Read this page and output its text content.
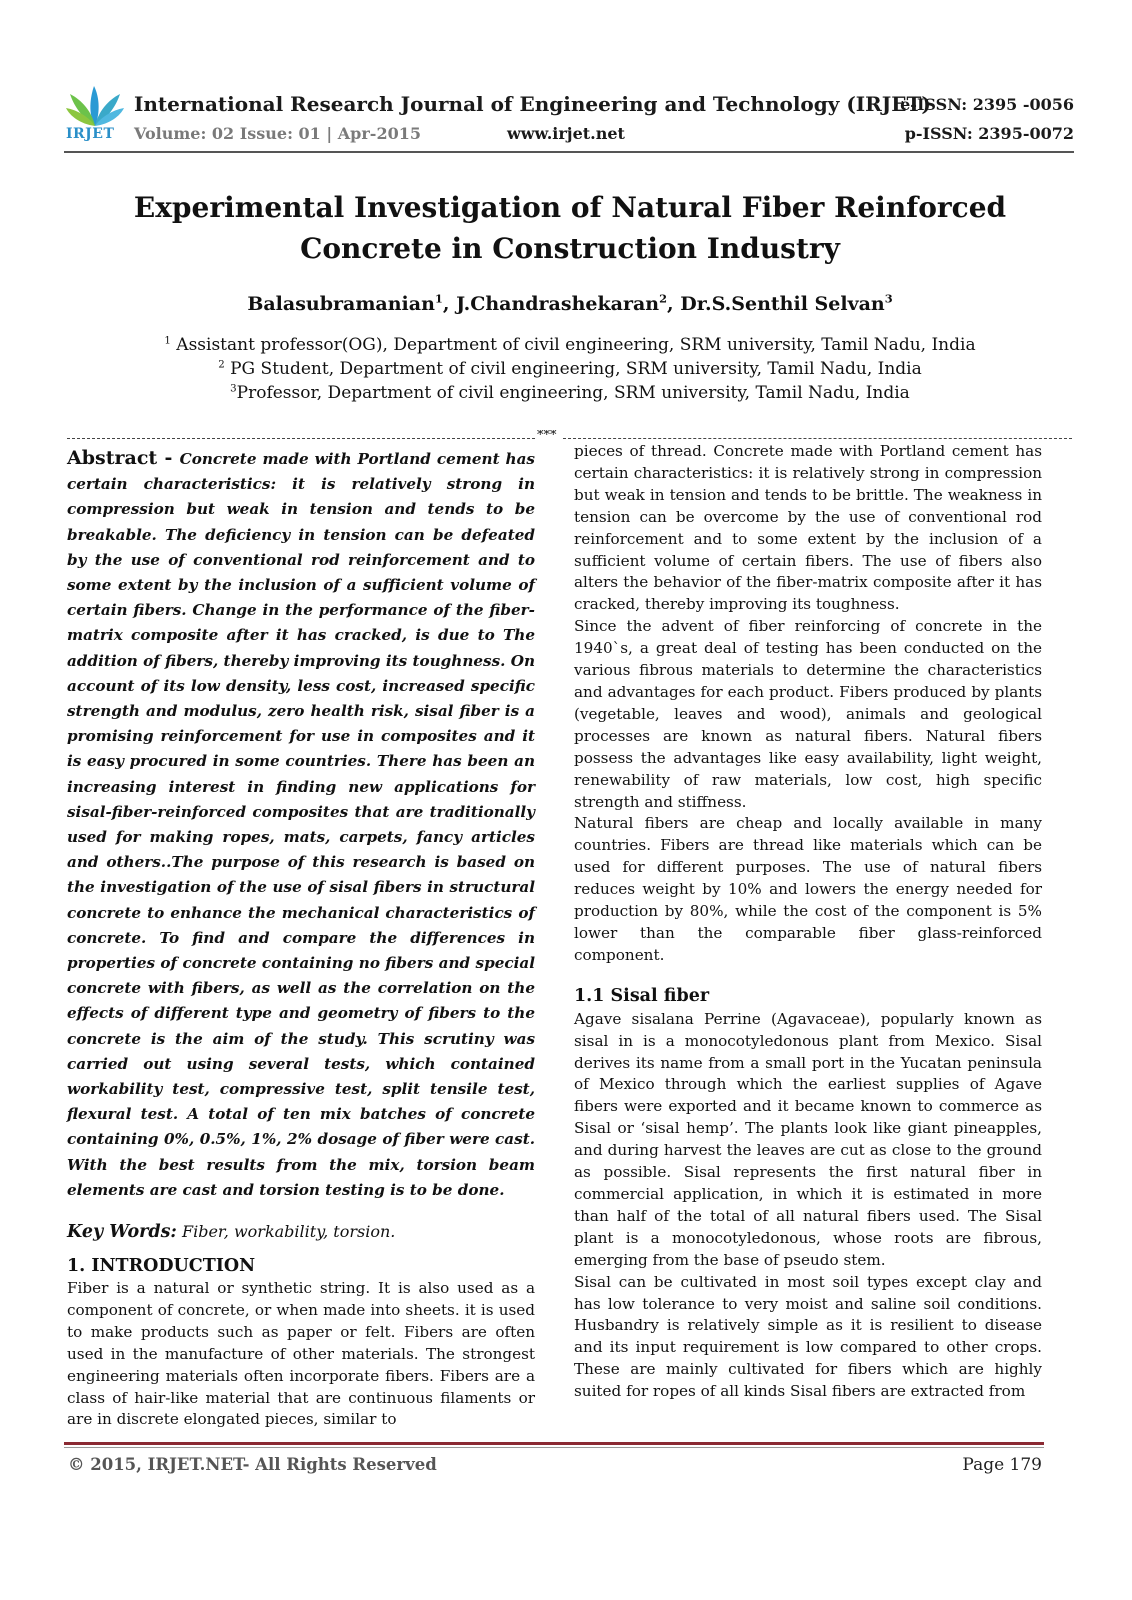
IRJET
International Research Journal of Engineering and Technology (IRJET)
Volume: 02 Issue: 01 | Apr-2015	www.irjet.net
e-ISSN: 2395 -0056
p-ISSN: 2395-0072
Experimental Investigation of Natural Fiber Reinforced Concrete in Construction Industry
Balasubramanian$^1$, J.Chandrashekaran$^2$, Dr.S.Senthil Selvan$^3$
$^1$ Assistant professor(OG), Department of civil engineering, SRM university, Tamil Nadu, India
$^2$ PG Student, Department of civil engineering, SRM university, Tamil Nadu, India
$^3$Professor, Department of civil engineering, SRM university, Tamil Nadu, India
***

Abstract - Concrete made with Portland cement has certain characteristics: it is relatively strong in compression but weak in tension and tends to be breakable. The deficiency in tension can be defeated by the use of conventional rod reinforcement and to some extent by the inclusion of a sufficient volume of certain fibers. Change in the performance of the fiber-matrix composite after it has cracked, is due to The addition of fibers, thereby improving its toughness. On account of its low density, less cost, increased specific strength and modulus, zero health risk, sisal fiber is a promising reinforcement for use in composites and it is easy procured in some countries. There has been an increasing interest in finding new applications for sisal-fiber-reinforced composites that are traditionally used for making ropes, mats, carpets, fancy articles and others..The purpose of this research is based on the investigation of the use of sisal fibers in structural concrete to enhance the mechanical characteristics of concrete. To find and compare the differences in properties of concrete containing no fibers and special concrete with fibers, as well as the correlation on the effects of different type and geometry of fibers to the concrete is the aim of the study. This scrutiny was carried out using several tests, which contained workability test, compressive test, split tensile test, flexural test. A total of ten mix batches of concrete containing 0%, 0.5%, 1%, 2% dosage of fiber were cast. With the best results from the mix, torsion beam elements are cast and torsion testing is to be done.

Key Words: Fiber, workability, torsion.

1. INTRODUCTION

Fiber is a natural or synthetic string. It is also used as a component of concrete, or when made into sheets. it is used to make products such as paper or felt. Fibers are often used in the manufacture of other materials. The strongest engineering materials often incorporate fibers. Fibers are a class of hair-like material that are continuous filaments or are in discrete elongated pieces, similar to

pieces of thread. Concrete made with Portland cement has certain characteristics: it is relatively strong in compression but weak in tension and tends to be brittle. The weakness in tension can be overcome by the use of conventional rod reinforcement and to some extent by the inclusion of a sufficient volume of certain fibers. The use of fibers also alters the behavior of the fiber-matrix composite after it has cracked, thereby improving its toughness.

Since the advent of fiber reinforcing of concrete in the 1940`s, a great deal of testing has been conducted on the various fibrous materials to determine the characteristics and advantages for each product. Fibers produced by plants (vegetable, leaves and wood), animals and geological processes are known as natural fibers. Natural fibers possess the advantages like easy availability, light weight, renewability of raw materials, low cost, high specific strength and stiffness.

Natural fibers are cheap and locally available in many countries. Fibers are thread like materials which can be used for different purposes. The use of natural fibers reduces weight by 10% and lowers the energy needed for production by 80%, while the cost of the component is 5% lower than the comparable fiber glass-reinforced component.

1.1 Sisal fiber

Agave sisalana Perrine (Agavaceae), popularly known as sisal in is a monocotyledonous plant from Mexico. Sisal derives its name from a small port in the Yucatan peninsula of Mexico through which the earliest supplies of Agave fibers were exported and it became known to commerce as Sisal or ‘sisal hemp’. The plants look like giant pineapples, and during harvest the leaves are cut as close to the ground as possible. Sisal represents the first natural fiber in commercial application, in which it is estimated in more than half of the total of all natural fibers used. The Sisal plant is a monocotyledonous, whose roots are fibrous, emerging from the base of pseudo stem.

Sisal can be cultivated in most soil types except clay and has low tolerance to very moist and saline soil conditions. Husbandry is relatively simple as it is resilient to disease and its input requirement is low compared to other crops. These are mainly cultivated for fibers which are highly suited for ropes of all kinds Sisal fibers are extracted from

© 2015, IRJET.NET- All Rights Reserved	Page 179
